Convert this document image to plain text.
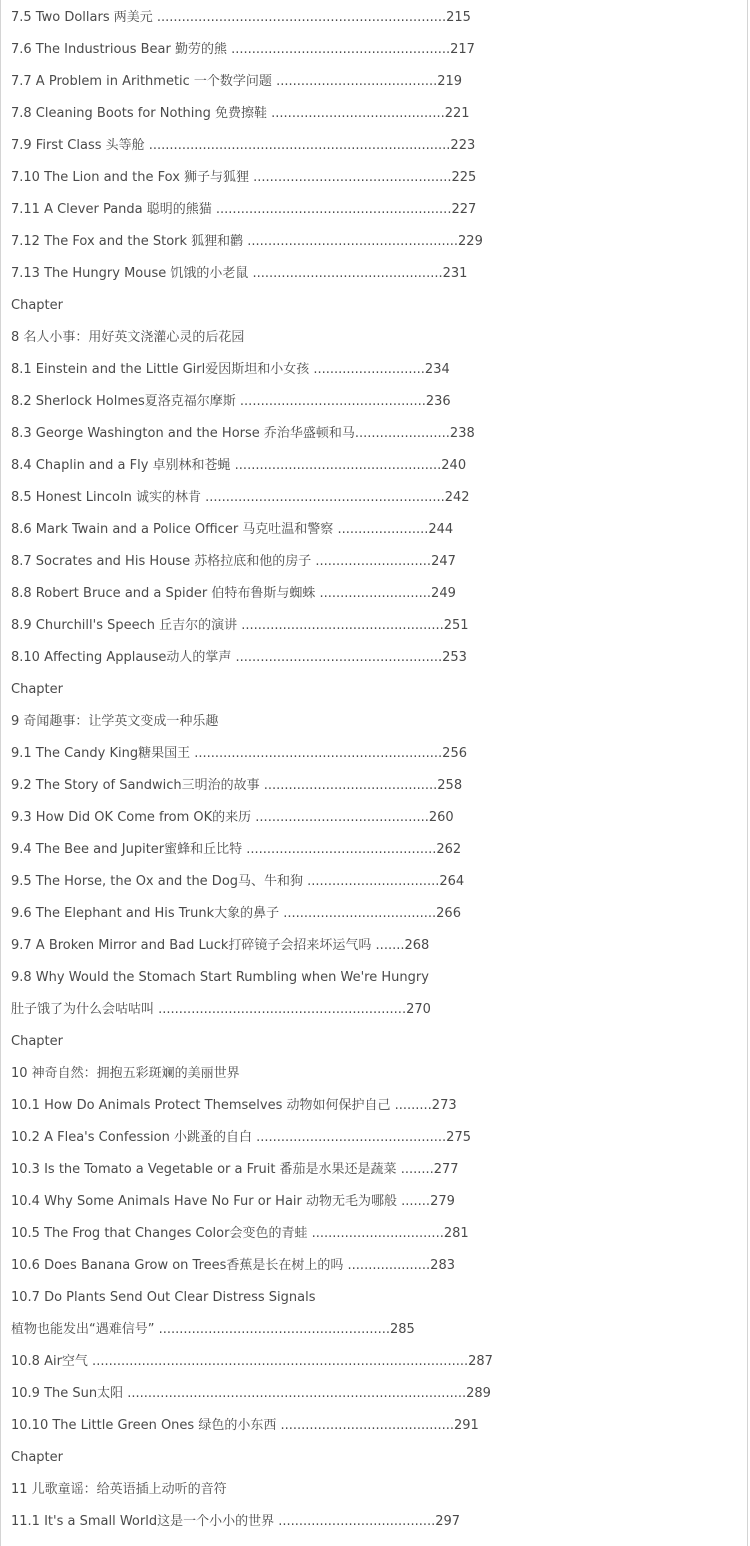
7.5 Two Dollars 两美元 ......................................................................215
7.6 The Industrious Bear 勤劳的熊 .....................................................217
7.7 A Problem in Arithmetic 一个数学问题 .......................................219
7.8 Cleaning Boots for Nothing 免费擦鞋 ..........................................221
7.9 First Class 头等舱 .........................................................................223
7.10 The Lion and the Fox 狮子与狐狸 ................................................225
7.11 A Clever Panda 聪明的熊猫 .........................................................227
7.12 The Fox and the Stork 狐狸和鹳 ...................................................229
7.13 The Hungry Mouse 饥饿的小老鼠 ..............................................231
Chapter
8 名人小事：用好英文浇灌心灵的后花园
8.1 Einstein and the Little Girl爱因斯坦和小女孩 ...........................234
8.2 Sherlock Holmes夏洛克福尔摩斯 .............................................236
8.3 George Washington and the Horse 乔治华盛顿和马.......................238
8.4 Chaplin and a Fly 卓别林和苍蝇 ..................................................240
8.5 Honest Lincoln 诚实的林肯 ..........................................................242
8.6 Mark Twain and a Police Officer 马克吐温和警察 ......................244
8.7 Socrates and His House 苏格拉底和他的房子 ............................247
8.8 Robert Bruce and a Spider 伯特布鲁斯与蜘蛛 ...........................249
8.9 Churchill's Speech 丘吉尔的演讲 .................................................251
8.10 Affecting Applause动人的掌声 ..................................................253
Chapter
9 奇闻趣事：让学英文变成一种乐趣
9.1 The Candy King糖果国王 ............................................................256
9.2 The Story of Sandwich三明治的故事 ..........................................258
9.3 How Did OK Come from OK的来历 ..........................................260
9.4 The Bee and Jupiter蜜蜂和丘比特 ..............................................262
9.5 The Horse, the Ox and the Dog马、牛和狗 ................................264
9.6 The Elephant and His Trunk大象的鼻子 .....................................266
9.7 A Broken Mirror and Bad Luck打碎镜子会招来坏运气吗 .......268
9.8 Why Would the Stomach Start Rumbling when We're Hungry
肚子饿了为什么会咕咕叫 ............................................................270
Chapter
10 神奇自然：拥抱五彩斑斓的美丽世界
10.1 How Do Animals Protect Themselves 动物如何保护自己 .........273
10.2 A Flea's Confession 小跳蚤的自白 ..............................................275
10.3 Is the Tomato a Vegetable or a Fruit 番茄是水果还是蔬菜 ........277
10.4 Why Some Animals Have No Fur or Hair 动物无毛为哪般 .......279
10.5 The Frog that Changes Color会变色的青蛙 ................................281
10.6 Does Banana Grow on Trees香蕉是长在树上的吗 ....................283
10.7 Do Plants Send Out Clear Distress Signals
植物也能发出“遇难信号” ........................................................285
10.8 Air空气 ...........................................................................................287
10.9 The Sun太阳 ..................................................................................289
10.10 The Little Green Ones 绿色的小东西 ..........................................291
Chapter
11 儿歌童谣：给英语插上动听的音符
11.1 It's a Small World这是一个小小的世界 ......................................297
